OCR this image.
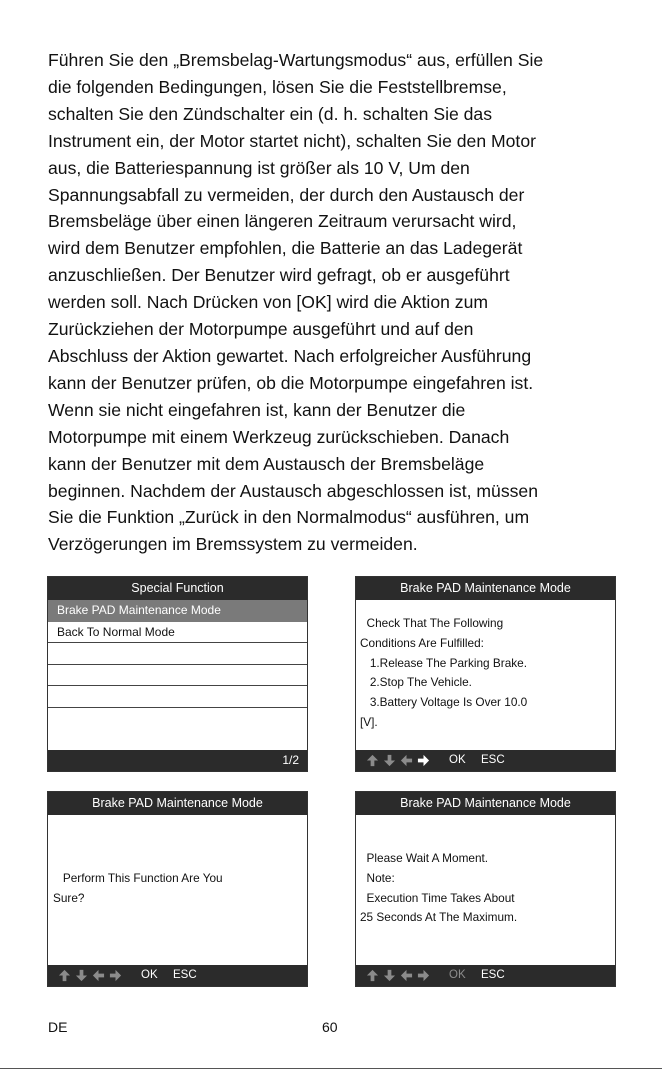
Führen Sie den „Bremsbelag-Wartungsmodus“ aus, erfüllen Sie
die folgenden Bedingungen, lösen Sie die Feststellbremse,
schalten Sie den Zündschalter ein (d. h. schalten Sie das
Instrument ein, der Motor startet nicht), schalten Sie den Motor
aus, die Batteriespannung ist größer als 10 V, Um den
Spannungsabfall zu vermeiden, der durch den Austausch der
Bremsbeläge über einen längeren Zeitraum verursacht wird,
wird dem Benutzer empfohlen, die Batterie an das Ladegerät
anzuschließen. Der Benutzer wird gefragt, ob er ausgeführt
werden soll. Nach Drücken von [OK] wird die Aktion zum
Zurückziehen der Motorpumpe ausgeführt und auf den
Abschluss der Aktion gewartet. Nach erfolgreicher Ausführung
kann der Benutzer prüfen, ob die Motorpumpe eingefahren ist.
Wenn sie nicht eingefahren ist, kann der Benutzer die
Motorpumpe mit einem Werkzeug zurückschieben. Danach
kann der Benutzer mit dem Austausch der Bremsbeläge
beginnen. Nachdem der Austausch abgeschlossen ist, müssen
Sie die Funktion „Zurück in den Normalmodus“ ausführen, um
Verzögerungen im Bremssystem zu vermeiden.
Special Function
Brake PAD Maintenance Mode
Back To Normal Mode
1/2
Brake PAD Maintenance Mode
Check That The Following
Conditions Are Fulfilled:
1.Release The Parking Brake.
2.Stop The Vehicle.
3.Battery Voltage Is Over 10.0
[V].
OK ESC
Brake PAD Maintenance Mode
Perform This Function Are You
Sure?
OK ESC
Brake PAD Maintenance Mode
Please Wait A Moment.
Note:
Execution Time Takes About
25 Seconds At The Maximum.
OK ESC
DE	60
